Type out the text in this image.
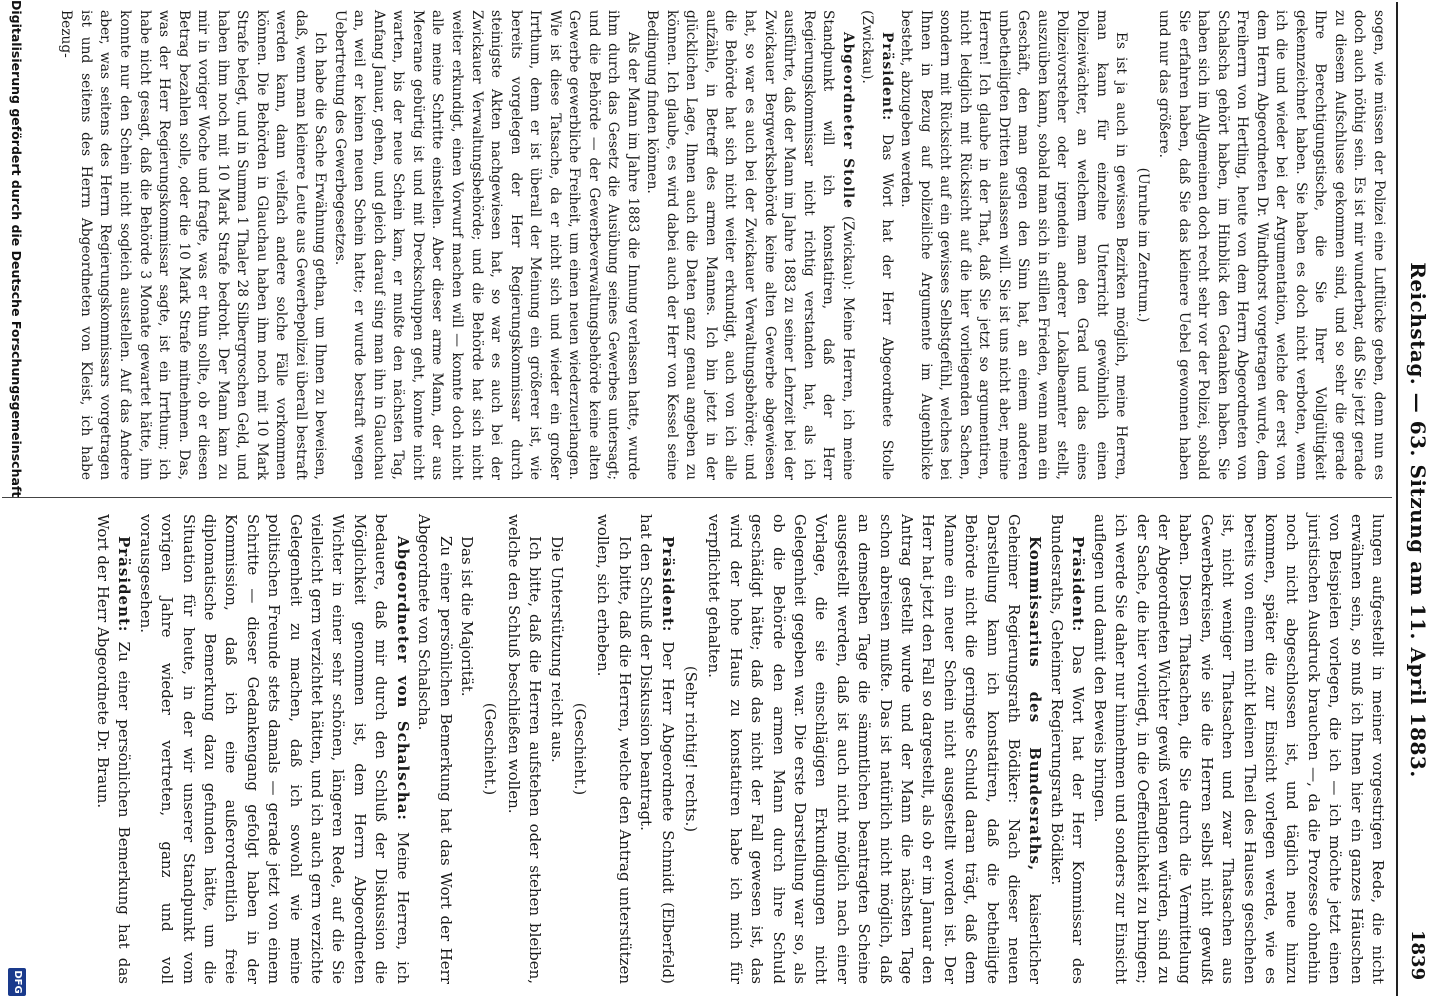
Reichstag. — 63. Sitzung am 11. April 1883.
1839

sogen, wie müssen der Polizei eine Luftlücke geben, denn nun es doch auch nöthig sein. Es ist mir wunderbar, daß Sie jetzt gerade zu diesem Aufschlusse gekommen sind, und so sehr die gerade Ihre Berechtigungstische, die Sie Ihrer Vollgültigkeit gekennzeichnet haben. Sie haben es doch nicht verboten, wenn ich die und wieder bei der Argumentation, welche der erst von dem Herrn Abgeordneten Dr. Windthorst vorgetragen wurde, dem Freiherrn von Hertling, heute von dem Herrn Abgeordneten von Schalscha gehört haben, im Hinblick den Gedanken haben. Sie haben sich im Allgemeinen doch recht sehr vor der Polizei, sobald Sie erfahren haben, daß Sie das kleinere Uebel gewonnen haben und nur das größere.

(Unruhe im Zentrum.)

Es ist ja auch in gewissen Bezirken möglich, meine Herren, man kann für einzelne Unterricht gewöhnlich einen Polizeiwächter, an welchem man den Grad und das eines Polizeivorsteher oder irgendein anderer Lokalbeamter stellt, auszuüben kann, sobald man sich in stillen Frieden, wenn man ein Geschäft, den man gegen den Sinn hat, an einem anderen unbetheiligten Dritten auslassen will. Sie ist uns nicht aber, meine Herren! Ich glaube in der That, daß Sie jetzt so argumentiren, nicht lediglich mit Rücksicht auf die hier vorliegenden Sachen, sondern mit Rücksicht auf ein gewisses Selbstgefühl, welches bei Ihnen in Bezug auf polizeiliche Argumente im Augenblicke besteht, abzugeben werden.

Präsident: Das Wort hat der Herr Abgeordnete Stolle (Zwickau).

Abgeordneter Stolle (Zwickau): Meine Herren, ich meine Standpunkt will ich konstatiren, daß der Herr Regierungskommissar nicht richtig verstanden hat, als ich ausführte, daß der Mann im Jahre 1883 zu seiner Lehrzeit bei der Zwickauer Bergwerksbehörde keine alten Gewerbe abgewiesen hat, so war es auch bei der Zwickauer Verwaltungsbehörde; und die Behörde hat sich nicht weiter erkundigt, auch von ich alle aufzähle, in Betreff des armen Mannes. Ich bin jetzt in der glücklichen Lage, Ihnen auch die Daten ganz genau angeben zu können. Ich glaube, es wird dabei auch der Herr von Kessel seine Bedingung finden können.

Als der Mann im Jahre 1883 die Innung verlassen hatte, wurde ihm durch das Gesetz die Ausübung seines Gewerbes untersagt; und die Behörde — der Gewerbeverwaltungsbehörde keine alten Gewerbe gewerbliche Freiheit, um einen neuen wiederzuerlangen. Wie ist diese Tatsache, da er nicht sich und wieder ein großer Irrthum, denn er ist überall der Meinung ein größerer ist, wie bereits vorgelegen der Herr Regierungskommissar durch steinigste Akten nachgewiesen hat, so war es auch bei der Zwickauer Verwaltungsbehörde; und die Behörde hat sich nicht weiter erkundigt, einen Vorwurf machen will — konnte doch nicht alle meine Schritte einstellen. Aber dieser arme Mann, der aus Meerane gebürtig ist und mit Dreckschuppen geht, konnte nicht warten, bis der neue Schein kam, er mußte den nächsten Tag, Anfang Januar, gehen, und gleich darauf sing man ihn in Glauchau an, weil er keinen neuen Schein hatte; er wurde bestraft wegen Uebertretung des Gewerbegesetzes.

Ich habe die Sache Erwähnung gethan, um Ihnen zu beweisen, daß, wenn man kleinere Leute aus Gewerbepolizei überall bestraft werden kann, dann vielfach andere solche Fälle vorkommen können. Die Behörden in Glauchau haben ihm noch mit 10 Mark Strafe belegt, und in Summa 1 Thaler 28 Silbergroschen Geld, und haben ihm noch mit 10 Mark Strafe bedroht. Der Mann kam zu mir in voriger Woche und fragte, was er thun sollte, ob er diesen Betrag bezahlen solle, oder die 10 Mark Strafe mitnehmen. Das, was der Herr Regierungskommissar sagte, ist ein Irrthum; ich habe nicht gesagt, daß die Behörde 3 Monate gewartet hätte, ihn konnte nur den Schein nicht sogleich ausstellen. Auf das Andere aber, was seitens des Herrn Regierungskommissars vorgetragen ist und seitens des Herrn Abgeordneten von Kleist, ich habe Bezug-

lungen aufgestellt in meiner vorgestrigen Rede, die nicht erwähnen sein, so muß ich Ihnen hier ein ganzes Häuschen von Beispielen vorlegen, die ich — ich möchte jetzt einen juristischen Ausdruck brauchen —, da die Prozesse ohnehin noch nicht abgeschlossen ist, und täglich neue hinzu kommen, später die zur Einsicht vorlegen werde, wie es bereits von einem nicht kleinen Theil des Hauses geschehen ist, nicht weniger Thatsachen und zwar Thatsachen aus Gewerbekreisen, wie sie die Herren selbst nicht gewußt haben. Diesen Thatsachen, die Sie durch die Vermittelung der Abgeordneten Wichter gewiß verlangen würden, sind zu der Sache, die hier vorliegt, in die Oeffentlichkeit zu bringen; ich werde Sie daher nur hinnehmen und sonders zur Einsicht auflegen und damit den Beweis bringen.

Präsident: Das Wort hat der Herr Kommissar des Bundesraths, Geheimer Regierungsrath Bödiker.

Kommissarius des Bundesraths, kaiserlicher Geheimer Regierungsrath Bödiker: Nach dieser neuen Darstellung kann ich konstatiren, daß die betheiligte Behörde nicht die geringste Schuld daran trägt, daß dem Manne ein neuer Schein nicht ausgestellt worden ist. Der Herr hat jetzt den Fall so dargestellt, als ob er im Januar den Antrag gestellt wurde und der Mann die nächsten Tage schon abreisen mußte. Das ist natürlich nicht möglich, daß an demselben Tage die sämmtlichen beantragten Scheine ausgestellt werden, daß ist auch nicht möglich nach einer Vorlage, die sie einschlägigen Erkundigungen nicht Gelegenheit gegeben war. Die erste Darstellung war so, als ob die Behörde den armen Mann durch ihre Schuld geschädigt hätte; daß das nicht der Fall gewesen ist, das wird der hohe Haus zu konstatiren habe ich mich für verpflichtet gehalten.

(Sehr richtig! rechts.)

Präsident: Der Herr Abgeordnete Schmidt (Elberfeld) hat den Schluß der Diskussion beantragt.

Ich bitte, daß die Herren, welche den Antrag unterstützen wollen, sich erheben.

(Geschieht.)

Die Unterstützung reicht aus.

Ich bitte, daß die Herren aufstehen oder stehen bleiben, welche den Schluß beschließen wollen.

(Geschieht.)

Das ist die Majorität.

Zu einer persönlichen Bemerkung hat das Wort der Herr Abgeordnete von Schalscha.

Abgeordneter von Schalscha: Meine Herren, ich bedauere, daß mir durch den Schluß der Diskussion die Möglichkeit genommen ist, dem Herrn Abgeordneten Wichter in einer sehr schönen, längeren Rede, auf die Sie vielleicht gern verzichtet hätten, und ich auch gern verzichte Gelegenheit zu machen, daß ich sowohl wie meine politischen Freunde stets damals — gerade jetzt von einem Schritte — dieser Gedankengang gefolgt haben in der Kommission, daß ich eine außerordentlich freie diplomatische Bemerkung dazu gefunden hätte, um die Situation für heute, in der wir unserer Standpunkt vom vorigen Jahre wieder vertreten, ganz und voll vorausgesehen.

Präsident: Zu einer persönlichen Bemerkung hat das Wort der Herr Abgeordnete Dr. Braun.

Digitalisierung gefördert durch die Deutsche Forschungsgemeinschaft
DFG
